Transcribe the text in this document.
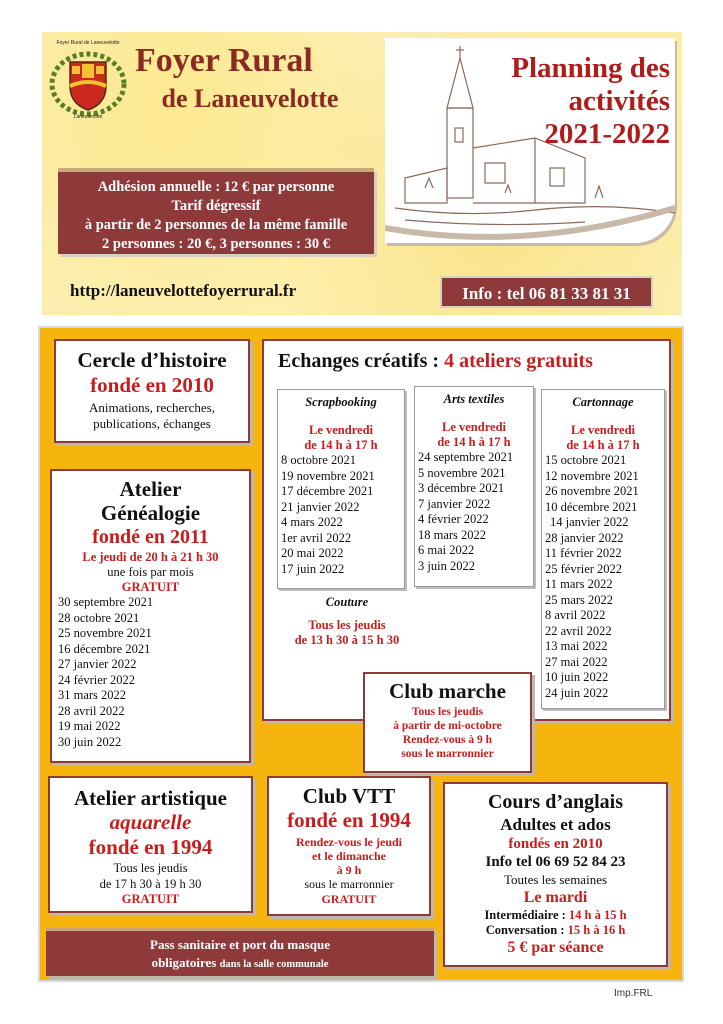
Foyer Rural de Laneuvelotte
Laneuvelotte
Foyer Rural
de Laneuvelotte
Planning des
activités
2021-2022
Adhésion annuelle : 12 € par personne
Tarif dégressif
à partir de 2 personnes de la même famille
2 personnes : 20 €, 3 personnes : 30 €
http://laneuvelottefoyerrural.fr	Info : tel 06 81 33 81 31
Cercle d’histoire
fondé en 2010
Animations, recherches,
publications, échanges
Atelier
Généalogie
fondé en 2011
Le jeudi de 20 h à 21 h 30
une fois par mois
GRATUIT
30 septembre 2021
28 octobre 2021
25 novembre 2021
16 décembre 2021
27 janvier 2022
24 février 2022
31 mars 2022
28 avril 2022
19 mai 2022
30 juin 2022
Echanges créatifs : 4 ateliers gratuits
Scrapbooking
Le vendredi
de 14 h à 17 h
8 octobre 2021
19 novembre 2021
17 décembre 2021
21 janvier 2022
4 mars 2022
1er avril 2022
20 mai 2022
17 juin 2022
Arts textiles
Le vendredi
de 14 h à 17 h
24 septembre 2021
5 novembre 2021
3 décembre 2021
7 janvier 2022
4 février 2022
18 mars 2022
6 mai 2022
3 juin 2022
Cartonnage
Le vendredi
de 14 h à 17 h
15 octobre 2021
12 novembre 2021
26 novembre 2021
10 décembre 2021
14 janvier 2022
28 janvier 2022
11 février 2022
25 février 2022
11 mars 2022
25 mars 2022
8 avril 2022
22 avril 2022
13 mai 2022
27 mai 2022
10 juin 2022
24 juin 2022
Couture
Tous les jeudis
de 13 h 30 à 15 h 30
Club marche
Tous les jeudis
à partir de mi-octobre
Rendez-vous à 9 h
sous le marronnier
Atelier artistique
aquarelle
fondé en 1994
Tous les jeudis
de 17 h 30 à 19 h 30
GRATUIT
Club VTT
fondé en 1994
Rendez-vous le jeudi
et le dimanche
à 9 h
sous le marronnier
GRATUIT
Cours d’anglais
Adultes et ados
fondés en 2010
Info tel 06 69 52 84 23
Toutes les semaines
Le mardi
Intermédiaire : 14 h à 15 h
Conversation : 15 h à 16 h
5 € par séance
Pass sanitaire et port du masque
obligatoires dans la salle communale
Imp.FRL
